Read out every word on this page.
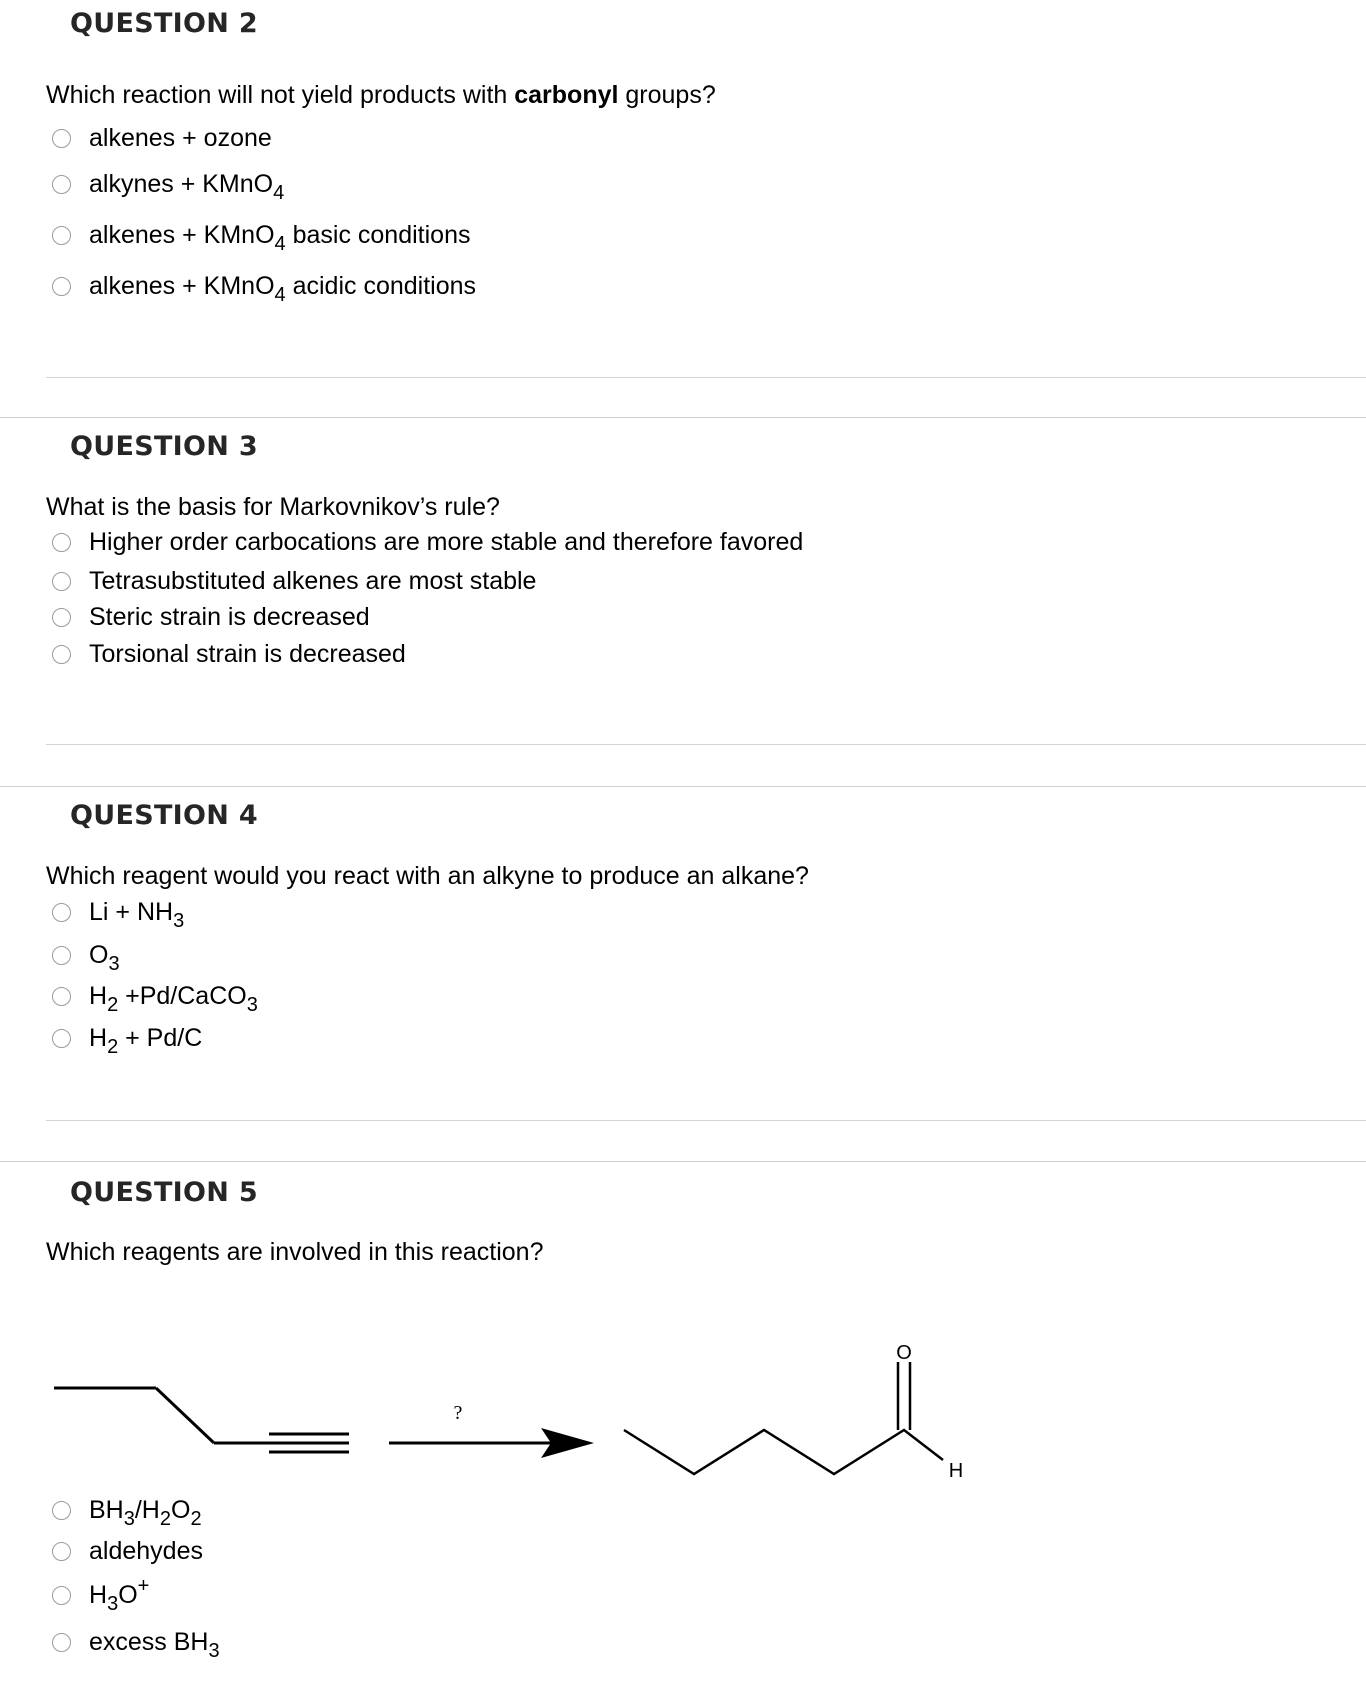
QUESTION 2
Which reaction will not yield products with carbonyl groups?
alkenes + ozone
alkynes + KMnO$_4$
alkenes + KMnO$_4$ basic conditions
alkenes + KMnO$_4$ acidic conditions
QUESTION 3
What is the basis for Markovnikov’s rule?
Higher order carbocations are more stable and therefore favored
Tetrasubstituted alkenes are most stable
Steric strain is decreased
Torsional strain is decreased
QUESTION 4
Which reagent would you react with an alkyne to produce an alkane?
$Li + NH_3$
$O_3$
$H_2$ +Pd/CaCO$_3$
$H_2 + Pd/C$
QUESTION 5
Which reagents are involved in this reaction?
?
O
H
$BH_3/H_2O_2$
aldehydes
$H_3O^+$
excess $BH_3$
